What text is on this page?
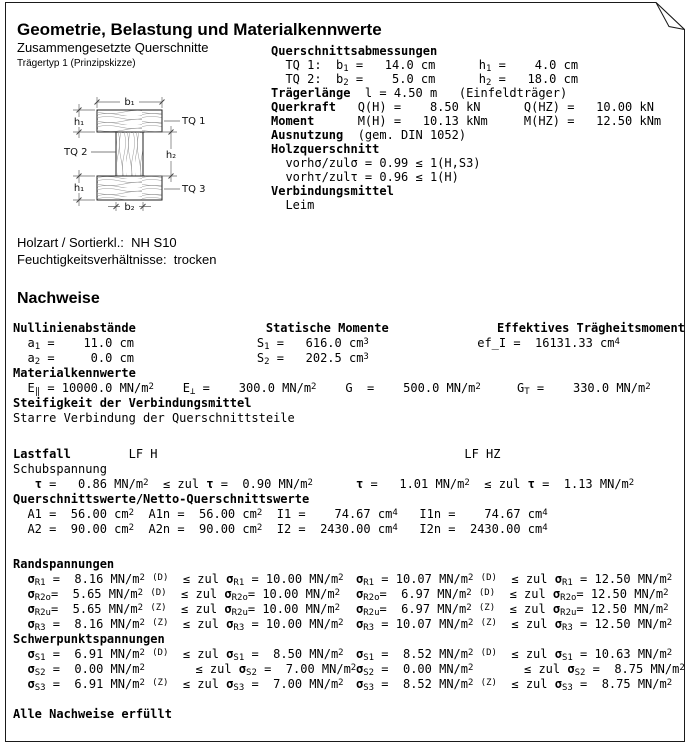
Geometrie, Belastung und Materialkennwerte
Zusammengesetzte Querschnitte
Trägertyp 1 (Prinzipskizze)
Querschnittsabmessungen
TQ 1:  $b_1 = 14.0$ cm      $h_1$ =    4.0 cm
TQ 2:  $b_2$ =    5.0 cm      $h_2 = 18.0$ cm
Trägerlänge  l = 4.50 m   (Einfeldträger)
Querkraft   Q(H) =    8.50 kN      Q(HZ) =   10.00 kN
Moment      M(H) =   10.13 kNm     M(HZ) =   12.50 kNm
Ausnutzung  (gem. DIN 1052)
Holzquerschnitt
vorhσ/zulσ = 0.99 ≤ 1(H,S3)
vorhτ/zulτ = 0.96 ≤ 1(H)
Verbindungsmittel
Leim
b₁
h₁
h₂
h₁
b₂
TQ 1
TQ 2
TQ 3
Holzart / Sortierkl.:  NH S10
Feuchtigkeitsverhältnisse:  trocken
Nachweise
Nullinienabstände                  Statische Momente               Effektives Trägheitsmoment
$a_1$ =    11.0 cm                 $S_1 = 616.0$ $cm^3$               ef_I =  16131.33 $cm^4$
$a_2$ =     0.0 cm                 $S_2 = 202.5$ $cm^3$
Materialkennwerte
$E_‖ = 10000.0$ $MN/m^2$    $E_\perp$ =    300.0 $MN/m^2$    G  =    500.0 $MN/m^2$     $G_T$ =    330.0 $MN/m^2$
Steifigkeit der Verbindungsmittel
Starre Verbindung der Querschnittsteile
Lastfall        LF H	LF HZ
Schubspannung
τ =   0.86 $MN/m^2$  ≤ zul τ =  0.90 $MN/m^2$	τ =   1.01 $MN/m^2$  ≤ zul τ =  1.13 $MN/m^2$
Querschnittswerte/Netto-Querschnittswerte
A1 =  56.00 $cm^2$  A1n =  56.00 $cm^2$  I1 =    74.67 $cm^4$   I1n =    74.67 $cm^4$
A2 =  90.00 $cm^2$  A2n =  90.00 $cm^2$  I2 =  2430.00 $cm^4$   I2n =  2430.00 $cm^4$
Randspannungen
$\sigma_{R1} = 8.16$ $MN/m^2$ $^{(D)}$  ≤ zul $\sigma_{R1} = 10.00$ $MN/m^2$ $\sigma_{R1} = 10.07$ $MN/m^2$ $^{(D)}$  ≤ zul $\sigma_{R1} = 12.50$ $MN/m^2$
$\sigma_{R2o}= 5.65$ $MN/m^2$ $^{(D)}$  ≤ zul $\sigma_{R2o}= 10.00$ $MN/m^2$ $\sigma_{R2o}= 6.97$ $MN/m^2$ $^{(D)}$  ≤ zul $\sigma_{R2o}= 12.50$ $MN/m^2$
$\sigma_{R2u}= 5.65$ $MN/m^2$ $^{(Z)}$  ≤ zul $\sigma_{R2u}= 10.00$ $MN/m^2$ $\sigma_{R2u}= 6.97$ $MN/m^2$ $^{(Z)}$  ≤ zul $\sigma_{R2u}= 12.50$ $MN/m^2$
$\sigma_{R3} = 8.16$ $MN/m^2$ $^{(Z)}$  ≤ zul $\sigma_{R3} = 10.00$ $MN/m^2$ $\sigma_{R3} = 10.07$ $MN/m^2$ $^{(Z)}$  ≤ zul $\sigma_{R3} = 12.50$ $MN/m^2$
Schwerpunktspannungen
$\sigma_{S1} = 6.91$ $MN/m^2$ $^{(D)}$  ≤ zul $\sigma_{S1} = 8.50$ $MN/m^2$ $\sigma_{S1} = 8.52$ $MN/m^2$ $^{(D)}$  ≤ zul $\sigma_{S1} = 10.63$ $MN/m^2$
$\sigma_{S2} = 0.00$ $MN/m^2$       ≤ zul $\sigma_{S2} = 7.00$ $MN/m^2\sigma_{S2} = 0.00$ $MN/m^2$       ≤ zul $\sigma_{S2} = 8.75$ $MN/m^2$
$\sigma_{S3} = 6.91$ $MN/m^2$ $^{(Z)}$  ≤ zul $\sigma_{S3} = 7.00$ $MN/m^2$ $\sigma_{S3} = 8.52$ $MN/m^2$ $^{(Z)}$  ≤ zul $\sigma_{S3} = 8.75$ $MN/m^2$
Alle Nachweise erfüllt
